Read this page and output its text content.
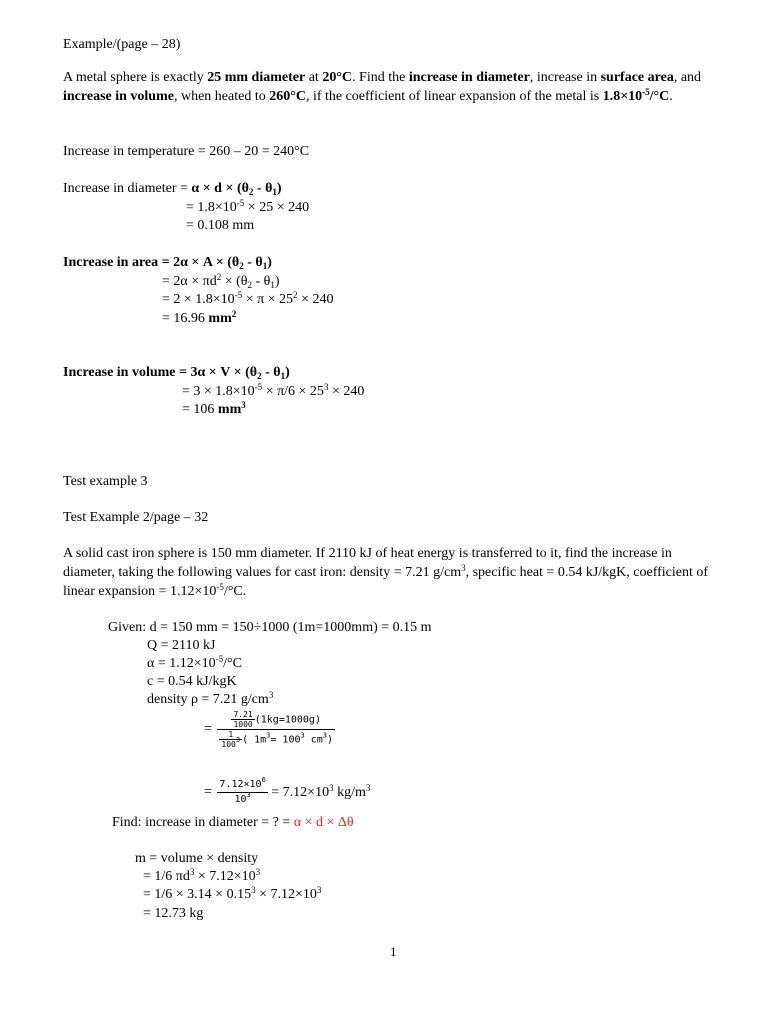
Example/(page – 28)
A metal sphere is exactly 25 mm diameter at 20°C. Find the increase in diameter, increase in surface area, and increase in volume, when heated to 260°C, if the coefficient of linear expansion of the metal is $1.8\times 10^{-5}/^\circ C$.
Increase in temperature = 260 – 20 = 240°C
Increase in diameter = $\alpha \times d \times (\theta_2 - \theta_1)$
= $1.8\times 10^{-5} \times 25 \times 240$
= 0.108 mm
Increase in area = $2\alpha \times A \times (\theta_2 - \theta_1)$
= $2\alpha \times \pi d^2 \times (\theta_2 - \theta_1)$
= $2 \times 1.8\times 10^{-5} \times \pi \times 25^2 \times 240$
= 16.96 $mm^2$
Increase in volume = $3\alpha \times V \times (\theta_2 - \theta_1)$
= $3 \times 1.8\times 10^{-5} \times \pi/6 \times 25^3 \times 240$
= 106 $mm^3$
Test example 3
Test Example 2/page – 32
A solid cast iron sphere is 150 mm diameter. If 2110 kJ of heat energy is transferred to it, find the increase in diameter, taking the following values for cast iron: density = 7.21 $g/cm^3$, specific heat = 0.54 kJ/kgK, coefficient of linear expansion = $1.12\times 10^{-5}/^\circ C$.
Given: d = 150 mm = 150÷1000 (1m=1000mm) = 0.15 m
Q = 2110 kJ
$\alpha = 1.12\times 10^{-5}/^\circ C$
c = 0.54 kJ/kgK
density ρ = 7.21 $g/cm^3$
= $\frac{\frac{7.21}{1000} (1kg=1000g)}{\frac{1}{100^3} ( 1m^3= 100^3 cm^3)}$
= $\frac{7.12\times 10^6}{10^3} = 7.12\times 10^3$ $kg/m^3$
Find: increase in diameter = ? = α × d × Δθ
m = volume × density
= 1/6 $\pi d^3 \times 7.12\times 10^3$
= $1/6 \times 3.14 \times 0.15^3 \times 7.12\times 10^3$
= 12.73 kg
1
